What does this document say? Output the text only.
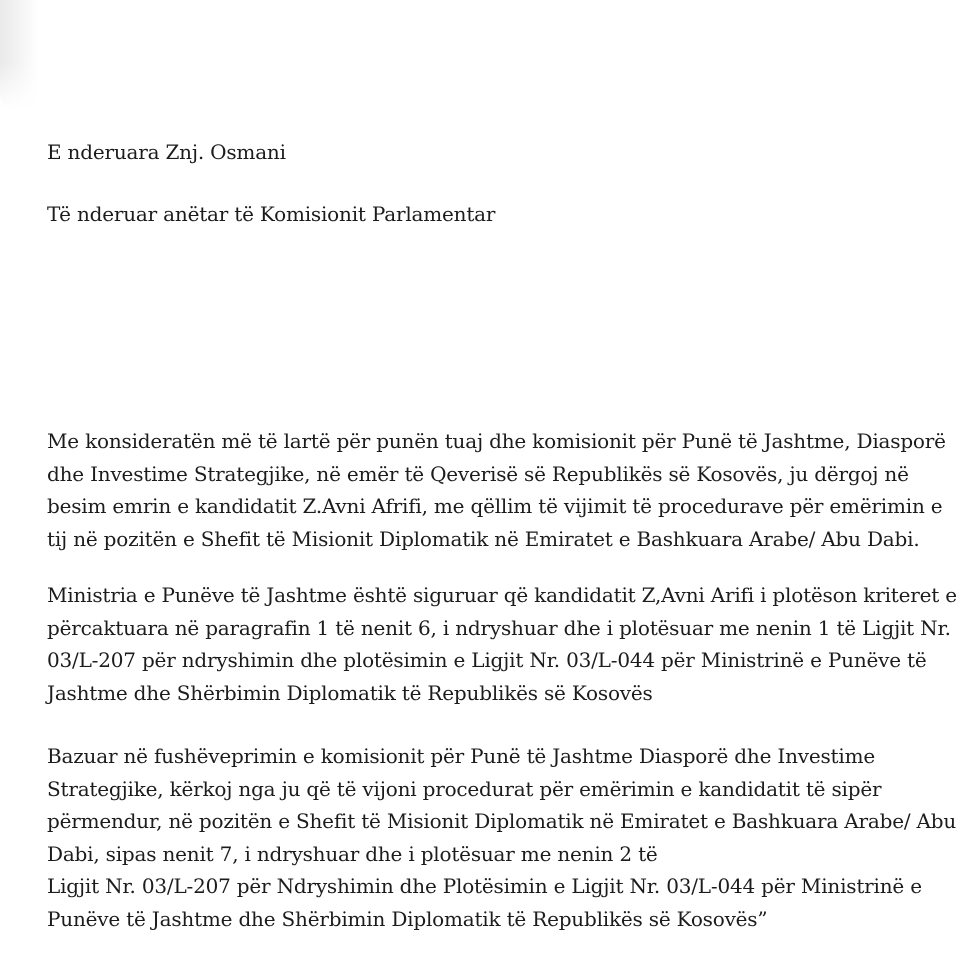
E nderuara Znj. Osmani
Të nderuar anëtar të Komisionit Parlamentar
Me konsideratën më të lartë për punën tuaj dhe komisionit për Punë të Jashtme, Diasporë
dhe Investime Strategjike, në emër të Qeverisë së Republikës së Kosovës, ju dërgoj në
besim emrin e kandidatit Z.Avni Afrifi, me qëllim të vijimit të procedurave për emërimin e
tij në pozitën e Shefit të Misionit Diplomatik në Emiratet e Bashkuara Arabe/ Abu Dabi.
Ministria e Punëve të Jashtme është siguruar që kandidatit Z,Avni Arifi i plotëson kriteret e
përcaktuara në paragrafin 1 të nenit 6, i ndryshuar dhe i plotësuar me nenin 1 të Ligjit Nr.
03/L-207 për ndryshimin dhe plotësimin e Ligjit Nr. 03/L-044 për Ministrinë e Punëve të
Jashtme dhe Shërbimin Diplomatik të Republikës së Kosovës
Bazuar në fushëveprimin e komisionit për Punë të Jashtme Diasporë dhe Investime
Strategjike, kërkoj nga ju që të vijoni procedurat për emërimin e kandidatit të sipër
përmendur, në pozitën e Shefit të Misionit Diplomatik në Emiratet e Bashkuara Arabe/ Abu
Dabi, sipas nenit 7, i ndryshuar dhe i plotësuar me nenin 2 të
Ligjit Nr. 03/L-207 për Ndryshimin dhe Plotësimin e Ligjit Nr. 03/L-044 për Ministrinë e
Punëve të Jashtme dhe Shërbimin Diplomatik të Republikës së Kosovës”
